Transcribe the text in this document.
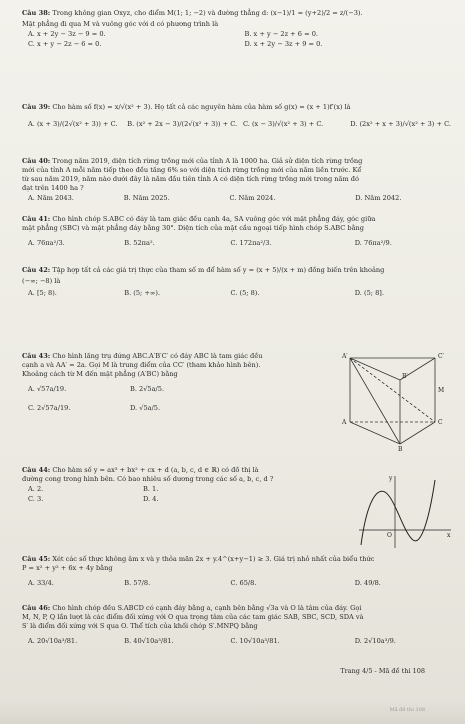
Câu 38: Trong không gian Oxyz, cho điểm M(1; 1; −2) và đường thẳng d: (x−1)/1 = (y+2)/2 = z/(−3).
Mặt phẳng đi qua M và vuông góc với d có phương trình là
A. x + 2y − 3z − 9 = 0.	B. x + y − 2z + 6 = 0.
C. x + y − 2z − 6 = 0.	D. x + 2y − 3z + 9 = 0.
Câu 39: Cho hàm số f(x) = x/√(x² + 3). Họ tất cả các nguyên hàm của hàm số g(x) = (x + 1)f′(x) là
A. (x + 3)/(2√(x² + 3)) + C.	B. (x² + 2x − 3)/(2√(x² + 3)) + C. C. (x − 3)/√(x² + 3) + C.	D. (2x² + x + 3)/√(x² + 3) + C.
Câu 40: Trong năm 2019, diện tích rừng trồng mới của tỉnh A là 1000 ha. Giả sử diện tích rừng trồng
mới của tỉnh A mỗi năm tiếp theo đều tăng 6% so với diện tích rừng trồng mới của năm liền trước. Kể
từ sau năm 2019, năm nào dưới đây là năm đầu tiên tỉnh A có diện tích rừng trồng mới trong năm đó
đạt trên 1400 ha ?
A. Năm 2043.	B. Năm 2025.	C. Năm 2024.	D. Năm 2042.
Câu 41: Cho hình chóp S.ABC có đáy là tam giác đều cạnh 4a, SA vuông góc với mặt phẳng đáy, góc giữa
mặt phẳng (SBC) và mặt phẳng đáy bằng 30°. Diện tích của mặt cầu ngoại tiếp hình chóp S.ABC bằng
A. 76πa²/3.	B. 52πa².	C. 172πa²/3.	D. 76πa²/9.
Câu 42: Tập hợp tất cả các giá trị thực của tham số m để hàm số y = (x + 5)/(x + m) đồng biến trên khoảng
(−∞; −8) là
A. [5; 8).	B. (5; +∞).	C. (5; 8).	D. (5; 8].
Câu 43: Cho hình lăng trụ đứng ABC.A′B′C′ có đáy ABC là tam giác đều
cạnh a và AA′ = 2a. Gọi M là trung điểm của CC′ (tham khảo hình bên).
Khoảng cách từ M đến mặt phẳng (A′BC) bằng
A. √57a/19.	B. 2√5a/5.
C. 2√57a/19.	D. √5a/5.
A′	C′
B′
M
A	C
B
Câu 44: Cho hàm số y = ax³ + bx² + cx + d (a, b, c, d ∈ ℝ) có đồ thị là
đường cong trong hình bên. Có bao nhiêu số dương trong các số a, b, c, d ?
A. 2.	B. 1.
C. 3.	D. 4.
y
O	x
Câu 45: Xét các số thực không âm x và y thỏa mãn 2x + y.4^(x+y−1) ≥ 3. Giá trị nhỏ nhất của biểu thức
P = x² + y² + 6x + 4y bằng
A. 33/4.	B. 57/8.	C. 65/8.	D. 49/8.
Câu 46: Cho hình chóp đều S.ABCD có cạnh đáy bằng a, cạnh bên bằng √3a và O là tâm của đáy. Gọi
M, N, P, Q lần lượt là các điểm đối xứng với O qua trọng tâm của các tam giác SAB, SBC, SCD, SDA và
S′ là điểm đối xứng với S qua O. Thể tích của khối chóp S′.MNPQ bằng
A. 20√10a³/81.	B. 40√10a³/81.	C. 10√10a³/81.	D. 2√10a³/9.
Trang 4/5 - Mã đề thi 108
Mã đề thi 108
